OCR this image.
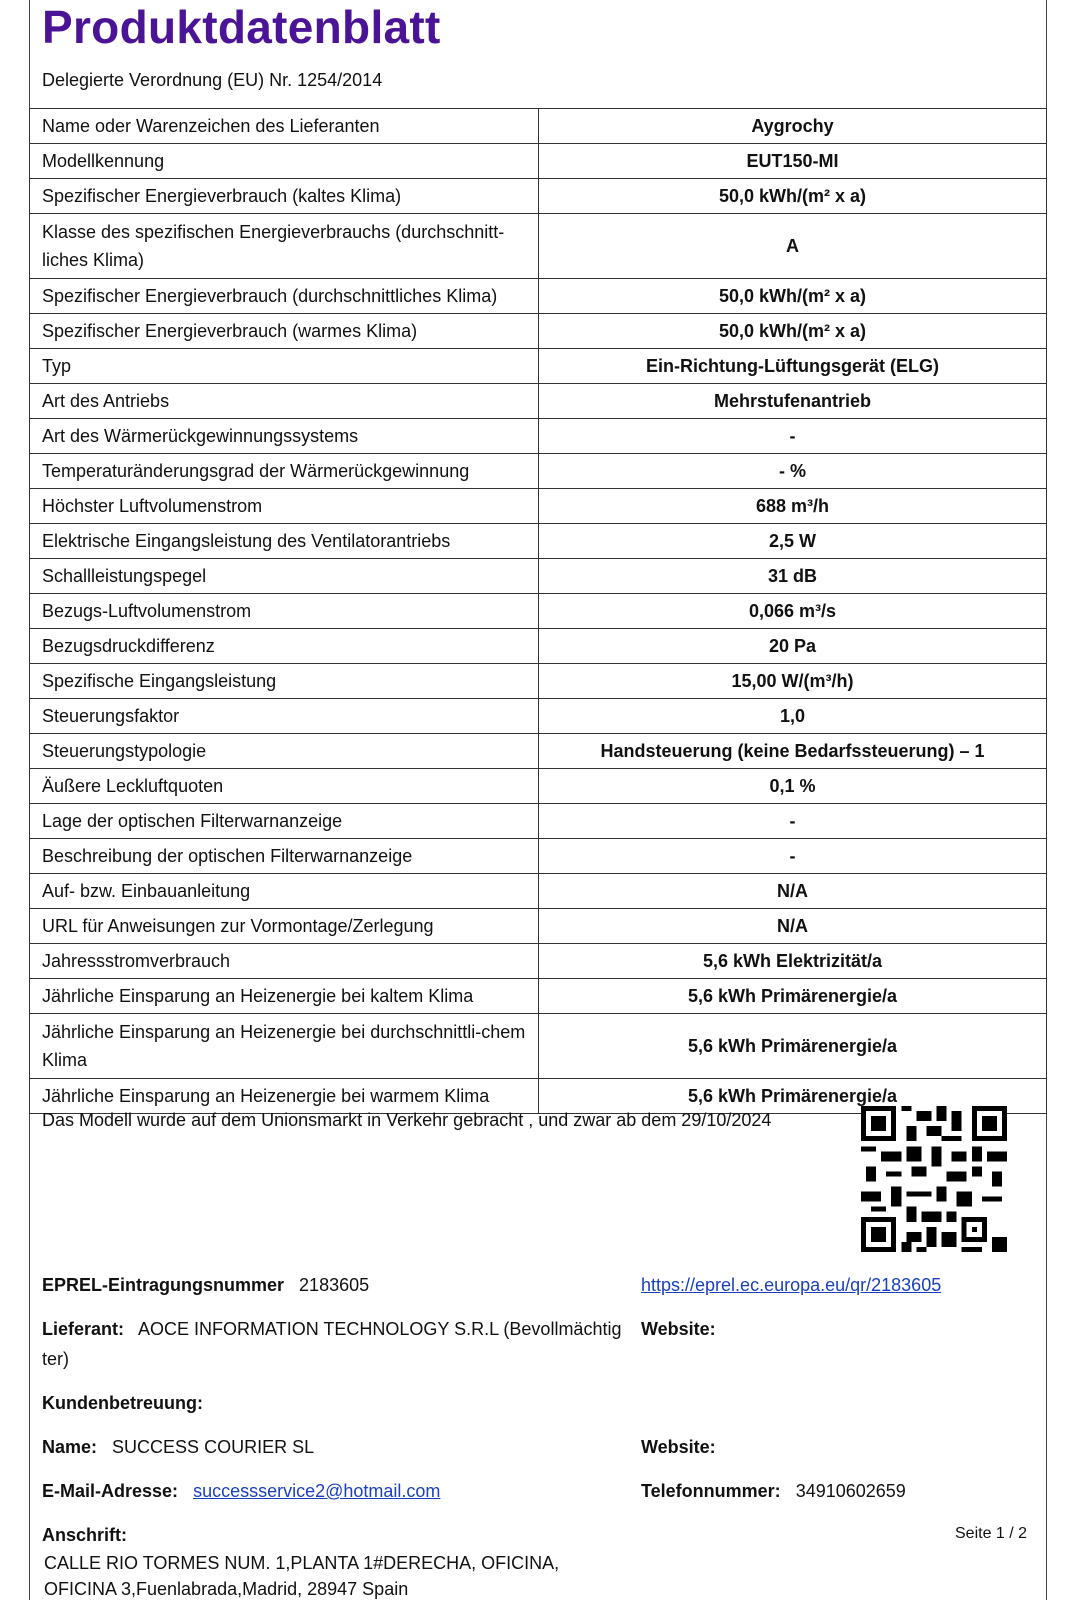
Produktdatenblatt
Delegierte Verordnung (EU) Nr. 1254/2014
Name oder Warenzeichen des Lieferanten	Aygrochy
Modellkennung	EUT150-MI
Spezifischer Energieverbrauch (kaltes Klima)	50,0 kWh/(m² x a)
Klasse des spezifischen Energieverbrauchs (durchschnitt-liches Klima)	A
Spezifischer Energieverbrauch (durchschnittliches Klima)	50,0 kWh/(m² x a)
Spezifischer Energieverbrauch (warmes Klima)	50,0 kWh/(m² x a)
Typ	Ein-Richtung-Lüftungsgerät (ELG)
Art des Antriebs	Mehrstufenantrieb
Art des Wärmerückgewinnungssystems	-
Temperaturänderungsgrad der Wärmerückgewinnung	- %
Höchster Luftvolumenstrom	688 m³/h
Elektrische Eingangsleistung des Ventilatorantriebs	2,5 W
Schallleistungspegel	31 dB
Bezugs-Luftvolumenstrom	0,066 m³/s
Bezugsdruckdifferenz	20 Pa
Spezifische Eingangsleistung	15,00 W/(m³/h)
Steuerungsfaktor	1,0
Steuerungstypologie	Handsteuerung (keine Bedarfssteuerung) – 1
Äußere Leckluftquoten	0,1 %
Lage der optischen Filterwarnanzeige	-
Beschreibung der optischen Filterwarnanzeige	-
Auf- bzw. Einbauanleitung	N/A
URL für Anweisungen zur Vormontage/Zerlegung	N/A
Jahressstromverbrauch	5,6 kWh Elektrizität/a
Jährliche Einsparung an Heizenergie bei kaltem Klima	5,6 kWh Primärenergie/a
Jährliche Einsparung an Heizenergie bei durchschnittli-chem Klima	5,6 kWh Primärenergie/a
Jährliche Einsparung an Heizenergie bei warmem Klima	5,6 kWh Primärenergie/a
Das Modell wurde auf dem Unionsmarkt in Verkehr gebracht , und zwar ab dem 29/10/2024
EPREL-Eintragungsnummer 2183605	https://eprel.ec.europa.eu/qr/2183605
Lieferant: AOCE INFORMATION TECHNOLOGY S.R.L (Bevollmächtig
ter)
Website:
Kundenbetreuung:
Name: SUCCESS COURIER SL	Website:
E-Mail-Adresse: successservice2@hotmail.com	Telefonnummer: 34910602659
Anschrift:
CALLE RIO TORMES NUM. 1,PLANTA 1#DERECHA, OFICINA,
OFICINA 3,Fuenlabrada,Madrid, 28947 Spain
Seite 1 / 2
